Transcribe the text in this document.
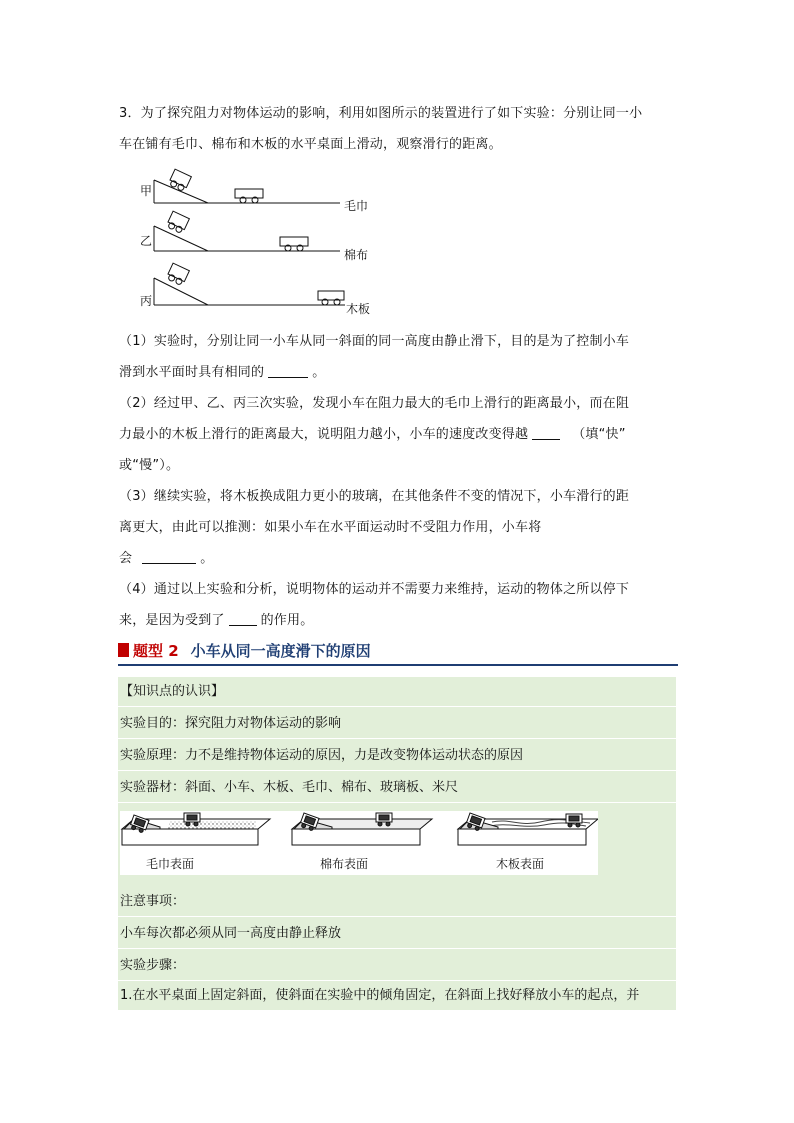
3．为了探究阻力对物体运动的影响，利用如图所示的装置进行了如下实验：分别让同一小
车在铺有毛巾、棉布和木板的水平桌面上滑动，观察滑行的距离。
甲
毛巾
乙
棉布
丙
木板
（1）实验时，分别让同一小车从同一斜面的同一高度由静止滑下，目的是为了控制小车
滑到水平面时具有相同的	。
（2）经过甲、乙、丙三次实验，发现小车在阻力最大的毛巾上滑行的距离最小，而在阻
力最小的木板上滑行的距离最大，说明阻力越小，小车的速度改变得越	（填“快”
或“慢”）。
（3）继续实验，将木板换成阻力更小的玻璃，在其他条件不变的情况下，小车滑行的距
离更大，由此可以推测：如果小车在水平面运动时不受阻力作用，小车将
会	。
（4）通过以上实验和分析，说明物体的运动并不需要力来维持，运动的物体之所以停下
来，是因为受到了	的作用。
题型 2 小车从同一高度滑下的原因
【知识点的认识】
实验目的：探究阻力对物体运动的影响
实验原理：力不是维持物体运动的原因，力是改变物体运动状态的原因
实验器材：斜面、小车、木板、毛巾、棉布、玻璃板、米尺
毛巾表面	棉布表面	木板表面
注意事项：
小车每次都必须从同一高度由静止释放
实验步骤：
1.在水平桌面上固定斜面，使斜面在实验中的倾角固定，在斜面上找好释放小车的起点，并
